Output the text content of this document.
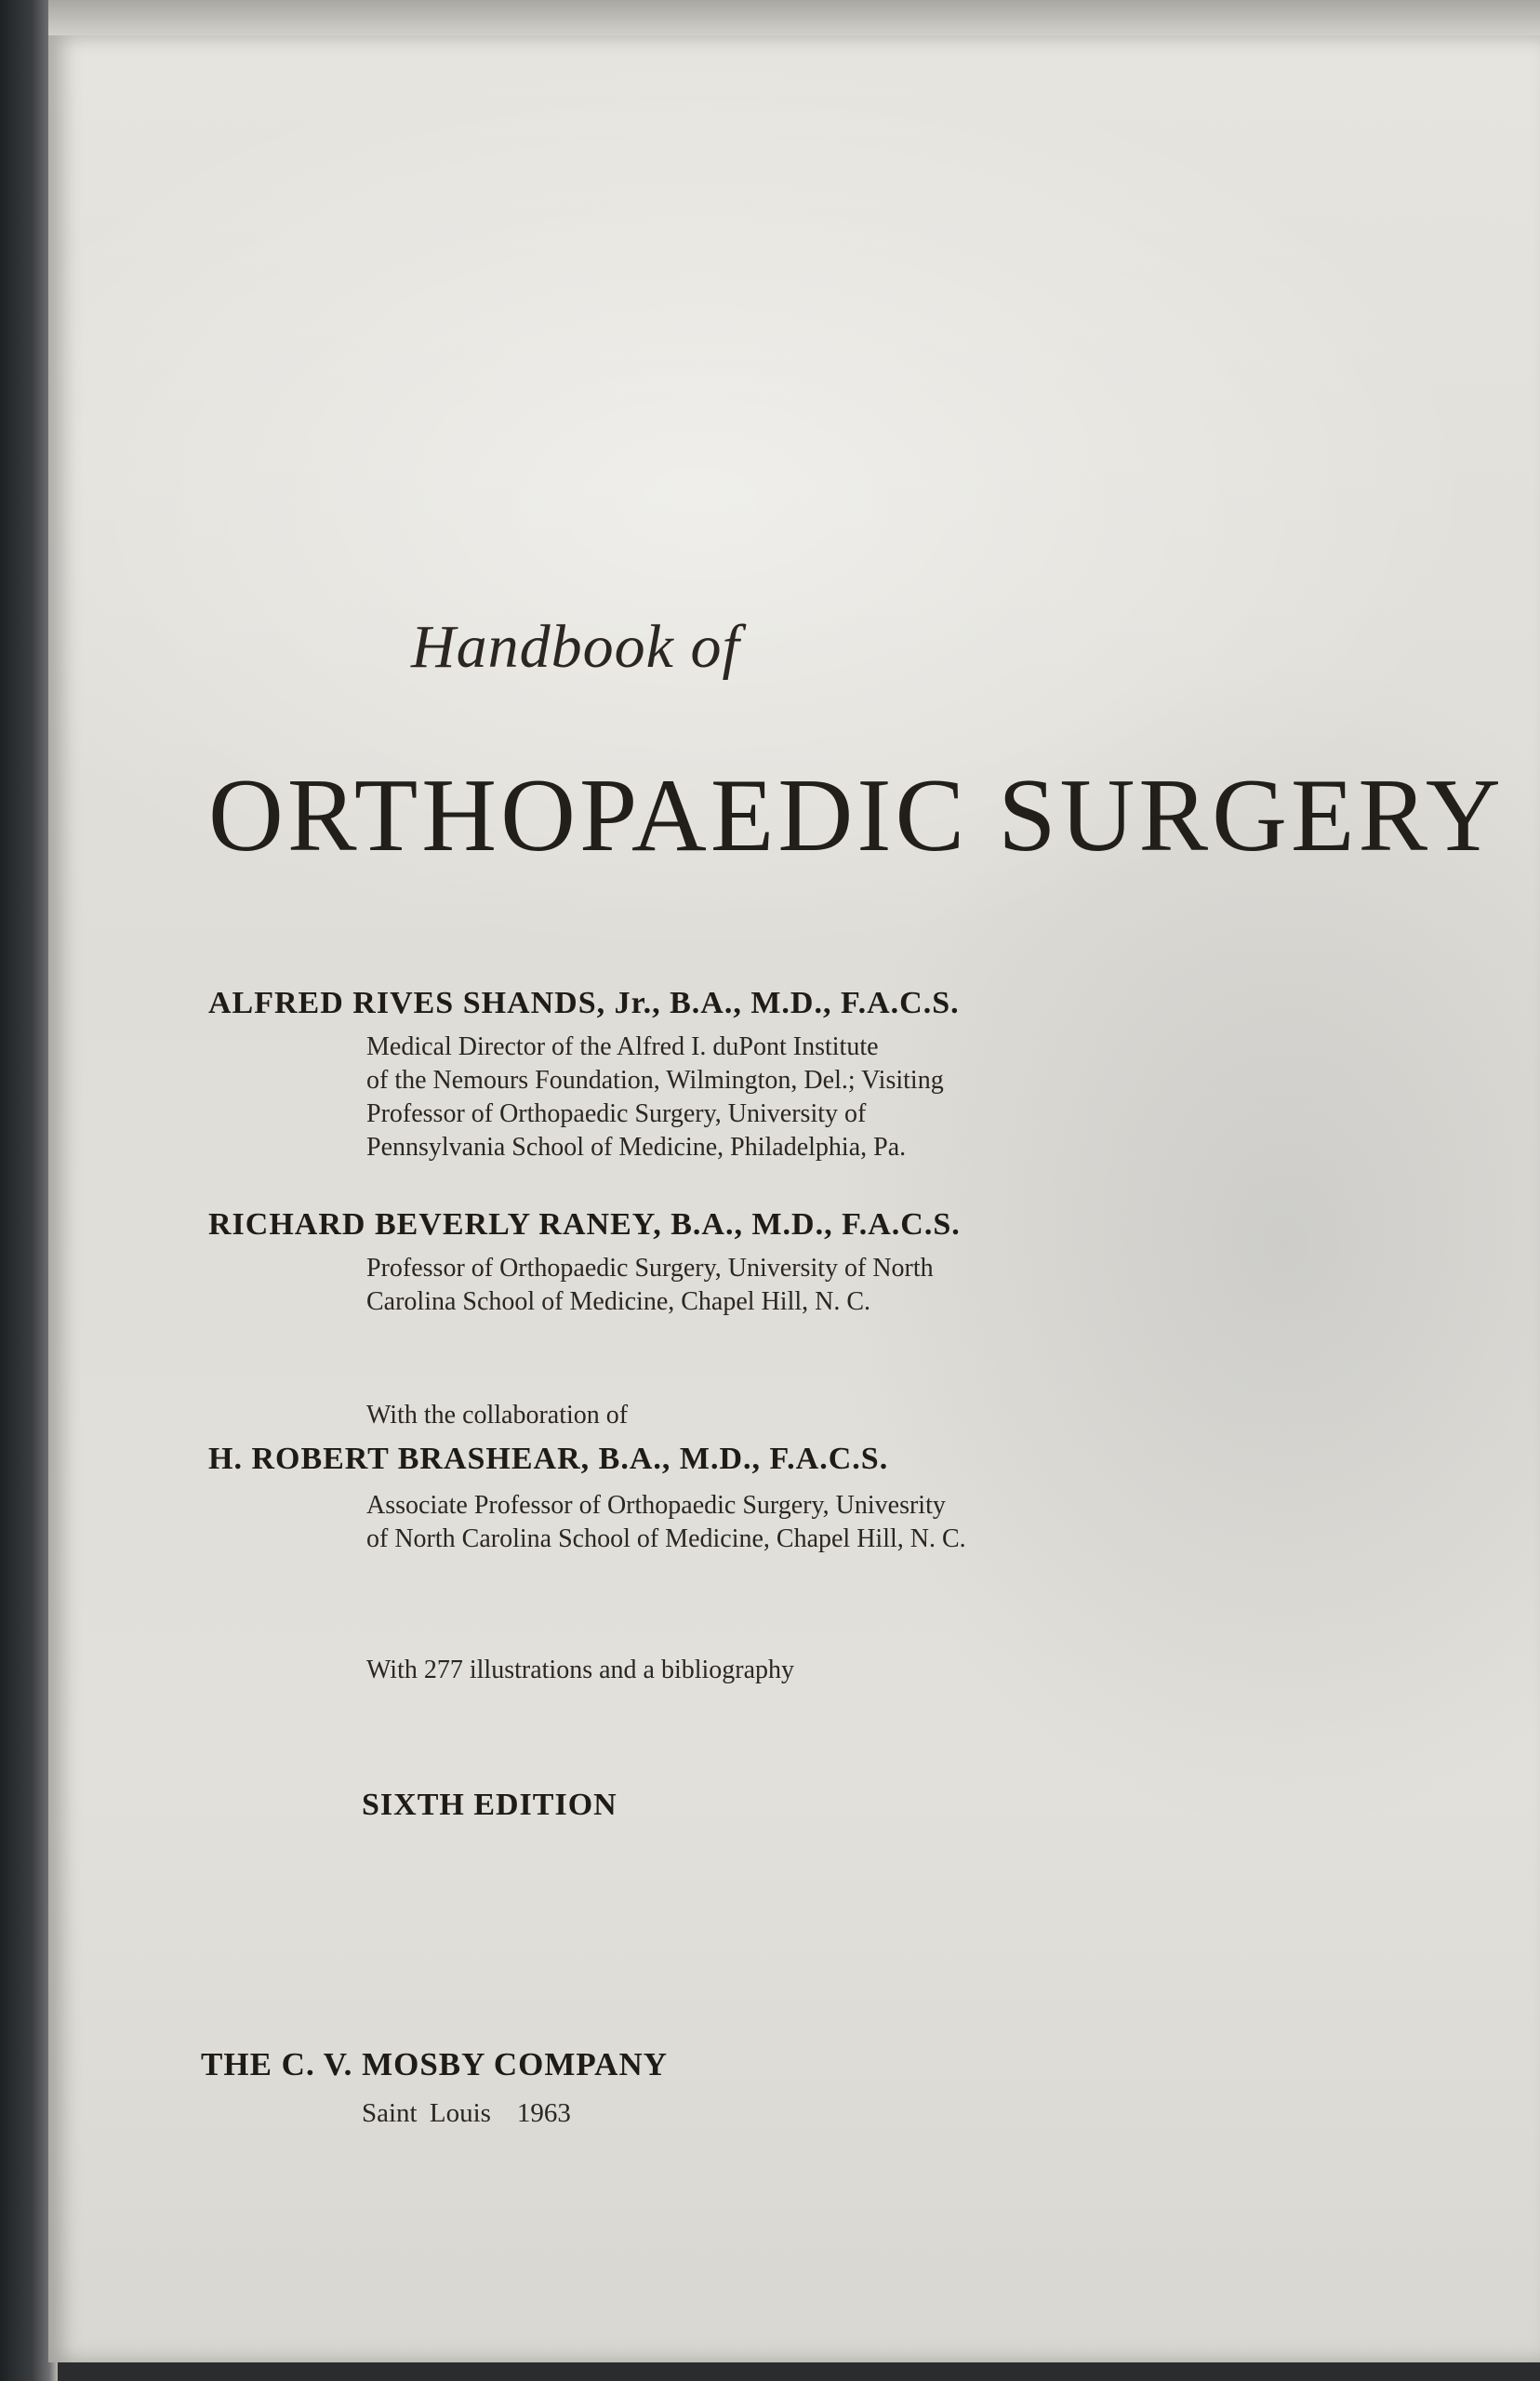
Handbook of
ORTHOPAEDIC SURGERY
ALFRED RIVES SHANDS, Jr., B.A., M.D., F.A.C.S.
Medical Director of the Alfred I. duPont Institute
of the Nemours Foundation, Wilmington, Del.; Visiting
Professor of Orthopaedic Surgery, University of
Pennsylvania School of Medicine, Philadelphia, Pa.
RICHARD BEVERLY RANEY, B.A., M.D., F.A.C.S.
Professor of Orthopaedic Surgery, University of North
Carolina School of Medicine, Chapel Hill, N. C.
With the collaboration of
H. ROBERT BRASHEAR, B.A., M.D., F.A.C.S.
Associate Professor of Orthopaedic Surgery, Univesrity
of North Carolina School of Medicine, Chapel Hill, N. C.
With 277 illustrations and a bibliography
SIXTH EDITION
THE C. V. MOSBY COMPANY
Saint Louis 1963
